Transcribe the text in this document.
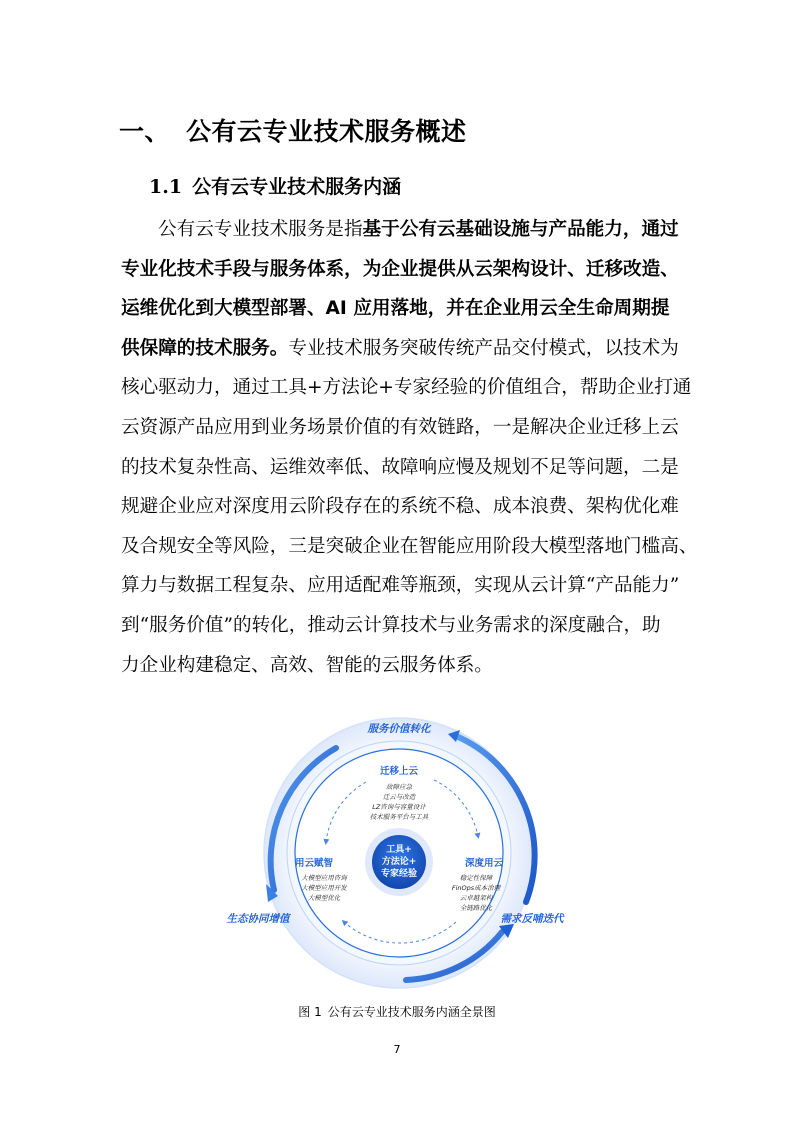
一、 公有云专业技术服务概述
1.1 公有云专业技术服务内涵
公有云专业技术服务是指基于公有云基础设施与产品能力，通过
专业化技术手段与服务体系，为企业提供从云架构设计、迁移改造、
运维优化到大模型部署、AI 应用落地，并在企业用云全生命周期提
供保障的技术服务。专业技术服务突破传统产品交付模式，以技术为
核心驱动力，通过工具+方法论+专家经验的价值组合，帮助企业打通
云资源产品应用到业务场景价值的有效链路，一是解决企业迁移上云
的技术复杂性高、运维效率低、故障响应慢及规划不足等问题，二是
规避企业应对深度用云阶段存在的系统不稳、成本浪费、架构优化难
及合规安全等风险，三是突破企业在智能应用阶段大模型落地门槛高、
算力与数据工程复杂、应用适配难等瓶颈，实现从云计算“产品能力”
到“服务价值”的转化，推动云计算技术与业务需求的深度融合，助
力企业构建稳定、高效、智能的云服务体系。
工具+
方法论+
专家经验
服务价值转化
生态协同增值	需求反哺迭代
迁移上云
故障应急
迁云与改造
LZ咨询与容量设计
技术服务平台与工具
深度用云
稳定性保障
FinOps成本治理
云卓越架构
全链路优化
用云赋智
大模型应用咨询
大模型应用开发
大模型优化
图 1 公有云专业技术服务内涵全景图
7
